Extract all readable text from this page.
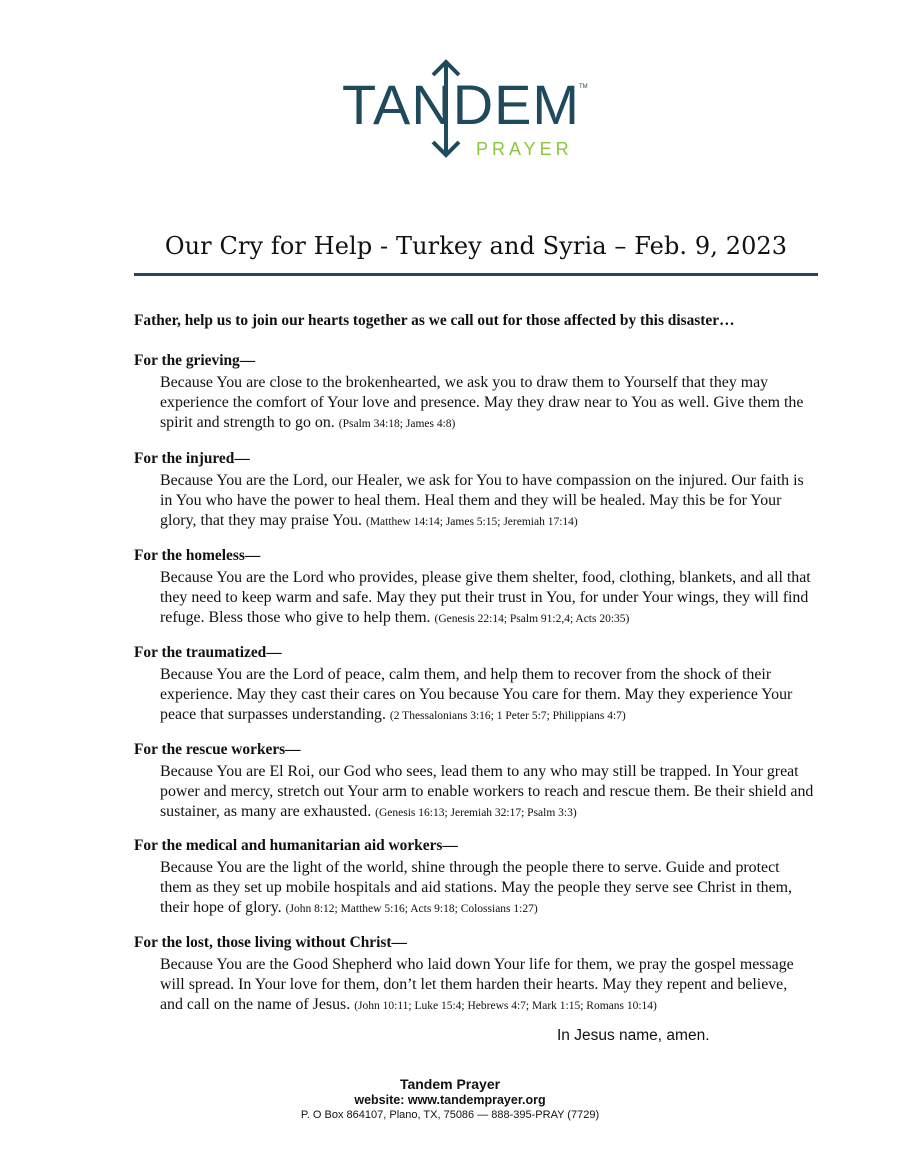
TANDEM TM
PRAYER
Our Cry for Help - Turkey and Syria – Feb. 9, 2023
Father, help us to join our hearts together as we call out for those affected by this disaster…
For the grieving—
Because You are close to the brokenhearted, we ask you to draw them to Yourself that they may experience the comfort of Your love and presence. May they draw near to You as well. Give them the spirit and strength to go on. (Psalm 34:18; James 4:8)
For the injured—
Because You are the Lord, our Healer, we ask for You to have compassion on the injured. Our faith is in You who have the power to heal them. Heal them and they will be healed. May this be for Your glory, that they may praise You. (Matthew 14:14; James 5:15; Jeremiah 17:14)
For the homeless—
Because You are the Lord who provides, please give them shelter, food, clothing, blankets, and all that they need to keep warm and safe. May they put their trust in You, for under Your wings, they will find refuge. Bless those who give to help them. (Genesis 22:14; Psalm 91:2,4; Acts 20:35)
For the traumatized—
Because You are the Lord of peace, calm them, and help them to recover from the shock of their experience. May they cast their cares on You because You care for them. May they experience Your peace that surpasses understanding. (2 Thessalonians 3:16; 1 Peter 5:7; Philippians 4:7)
For the rescue workers—
Because You are El Roi, our God who sees, lead them to any who may still be trapped. In Your great power and mercy, stretch out Your arm to enable workers to reach and rescue them. Be their shield and sustainer, as many are exhausted. (Genesis 16:13; Jeremiah 32:17; Psalm 3:3)
For the medical and humanitarian aid workers—
Because You are the light of the world, shine through the people there to serve. Guide and protect them as they set up mobile hospitals and aid stations. May the people they serve see Christ in them, their hope of glory. (John 8:12; Matthew 5:16; Acts 9:18; Colossians 1:27)
For the lost, those living without Christ—
Because You are the Good Shepherd who laid down Your life for them, we pray the gospel message will spread. In Your love for them, don’t let them harden their hearts. May they repent and believe, and call on the name of Jesus. (John 10:11; Luke 15:4; Hebrews 4:7; Mark 1:15; Romans 10:14)
In Jesus name, amen.
Tandem Prayer
website: www.tandemprayer.org
P. O Box 864107, Plano, TX, 75086 — 888-395-PRAY (7729)
